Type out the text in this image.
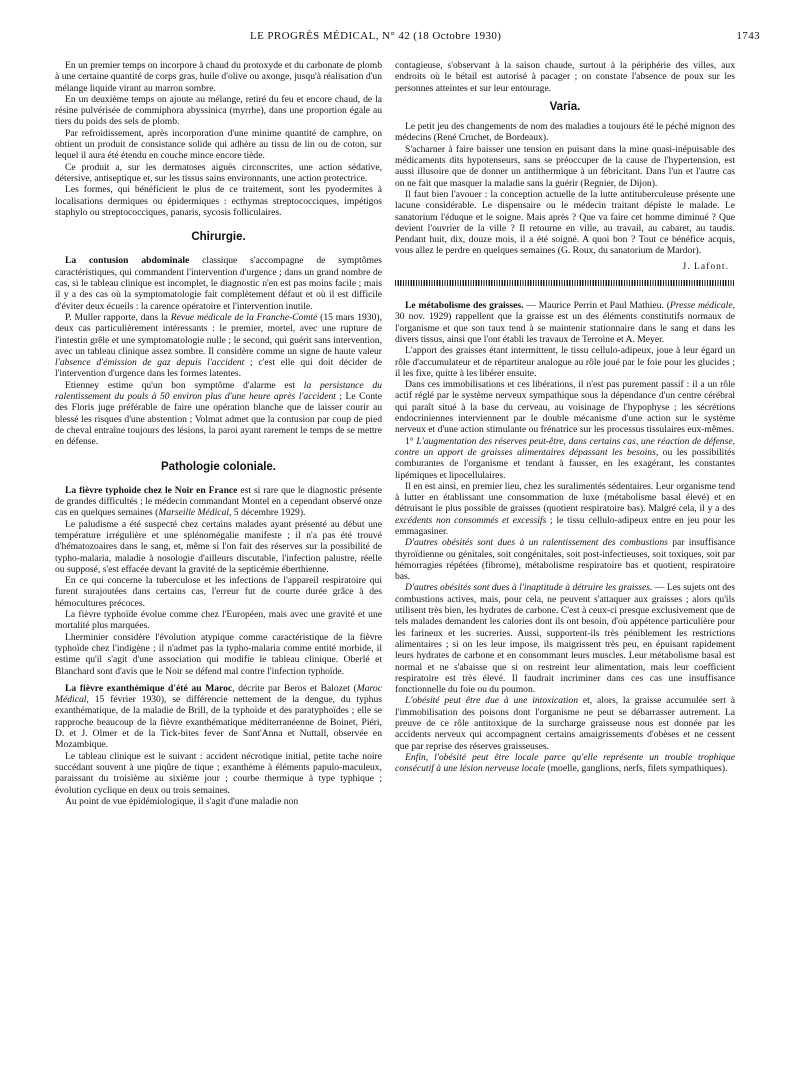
LE PROGRÈS MÉDICAL, N° 42 (18 Octobre 1930)	1743

En un premier temps on incorpore à chaud du protoxyde et du carbonate de plomb à une certaine quantité de corps gras, huile d'olive ou axonge, jusqu'à réalisation d'un mélange liquide virant au marron sombre.

En un deuxième temps on ajoute au mélange, retiré du feu et encore chaud, de la résine pulvérisée de commiphora abyssinica (myrrhe), dans une proportion égale au tiers du poids des sels de plomb.

Par refroidissement, après incorporation d'une minime quantité de camphre, on obtient un produit de consistance solide qui adhère au tissu de lin ou de coton, sur lequel il aura été étendu en couche mince encore tiède.

Ce produit a, sur les dermatoses aiguës circonscrites, une action sédative, détersive, antiseptique et, sur les tissus sains environnants, une action protectrice.

Les formes, qui bénéficient le plus de ce traitement, sont les pyodermites à localisations dermiques ou épidermiques : ecthymas streptococciques, impétigos staphylo ou streptococciques, panaris, sycosis folliculaires.

Chirurgie.

La contusion abdominale classique s'accompagne de symptômes caractéristiques, qui commandent l'intervention d'urgence ; dans un grand nombre de cas, si le tableau clinique est incomplet, le diagnostic n'en est pas moins facile ; mais il y a des cas où la symptomatologie fait complètement défaut et où il est difficile d'éviter deux écueils : la carence opératoire et l'intervention inutile.

P. Muller rapporte, dans la Revue médicale de la Franche-Comté (15 mars 1930), deux cas particulièrement intéressants : le premier, mortel, avec une rupture de l'intestin grêle et une symptomatologie nulle ; le second, qui guérit sans intervention, avec un tableau clinique assez sombre. Il considère comme un signe de haute valeur l'absence d'émission de gaz depuis l'accident ; c'est elle qui doit décider de l'intervention d'urgence dans les formes latentes.

Etienney estime qu'un bon symptôme d'alarme est la persistance du ralentissement du pouls à 50 environ plus d'une heure après l'accident ; Le Conte des Floris juge préférable de faire une opération blanche que de laisser courir au blessé les risques d'une abstention ; Volmat admet que la contusion par coup de pied de cheval entraîne toujours des lésions, la paroi ayant rarement le temps de se mettre en défense.

Pathologie coloniale.

La fièvre typhoïde chez le Noir en France est si rare que le diagnostic présente de grandes difficultés ; le médecin commandant Montel en a cependant observé onze cas en quelques semaines (Marseille Médical, 5 décembre 1929).

Le paludisme a été suspecté chez certains malades ayant présenté au début une température irrégulière et une splénomégalie manifeste ; il n'a pas été trouvé d'hématozoaires dans le sang, et, même si l'on fait des réserves sur la possibilité de typho-malaria, maladie à nosologie d'ailleurs discutable, l'infection palustre, réelle ou supposé, s'est effacée devant la gravité de la septicémie éberthienne.

En ce qui concerne la tuberculose et les infections de l'appareil respiratoire qui furent surajoutées dans certains cas, l'erreur fut de courte durée grâce à des hémocultures précoces.

La fièvre typhoïde évolue comme chez l'Européen, mais avec une gravité et une mortalité plus marquées.

Lherminier considère l'évolution atypique comme caractéristique de la fièvre typhoïde chez l'indigène ; il n'admet pas la typho-malaria comme entité morbide, il estime qu'il s'agit d'une association qui modifie le tableau clinique. Oberlé et Blanchard sont d'avis que le Noir se défend mal contre l'infection typhoïde.

La fièvre exanthémique d'été au Maroc, décrite par Beros et Balozet (Maroc Médical, 15 février 1930), se différencie nettement de la dengue, du typhus exanthématique, de la maladie de Brill, de la typhoïde et des paratyphoïdes ; elle se rapproche beaucoup de la fièvre exanthématique méditerranéenne de Boinet, Piéri, D. et J. Olmer et de la Tick-bites fever de Sant'Anna et Nuttall, observée en Mozambique.

Le tableau clinique est le suivant : accident nécrotique initial, petite tache noire succédant souvent à une piqûre de tique ; exanthème à éléments papulo-maculeux, paraissant du troisième au sixième jour ; courbe thermique à type typhique ; évolution cyclique en deux ou trois semaines.

Au point de vue épidémiologique, il s'agit d'une maladie non

contagieuse, s'observant à la saison chaude, surtout à la périphérie des villes, aux endroits où le bétail est autorisé à pacager ; on constate l'absence de poux sur les personnes atteintes et sur leur entourage.

Varia.

Le petit jeu des changements de nom des maladies a toujours été le péché mignon des médecins (René Cruchet, de Bordeaux).

S'acharner à faire baisser une tension en puisant dans la mine quasi-inépuisable des médicaments dits hypotenseurs, sans se préoccuper de la cause de l'hypertension, est aussi illusoire que de donner un antithermique à un fébricitant. Dans l'un et l'autre cas on ne fait que masquer la maladie sans la guérir (Regnier, de Dijon).

Il faut bien l'avouer : la conception actuelle de la lutte antituberculeuse présente une lacune considérable. Le dispensaire ou le médecin traitant dépiste le malade. Le sanatorium l'éduque et le soigne. Mais après ? Que va faire cet homme diminué ? Que devient l'ouvrier de la ville ? Il retourne en ville, au travail, au cabaret, au taudis. Pendant huit, dix, douze mois, il a été soigné. A quoi bon ? Tout ce bénéfice acquis, vous allez le perdre en quelques semaines (G. Roux, du sanatorium de Mardor).

J. Lafont.

Le métabolisme des graisses. — Maurice Perrin et Paul Mathieu. (Presse médicale, 30 nov. 1929) rappellent que la graisse est un des éléments constitutifs normaux de l'organisme et que son taux tend à se maintenir stationnaire dans le sang et dans les divers tissus, ainsi que l'ont établi les travaux de Terroine et A. Meyer.

L'apport des graisses étant intermittent, le tissu cellulo-adipeux, joue à leur égard un rôle d'accumulateur et de répartiteur analogue au rôle joué par le foie pour les glucides ; il les fixe, quitte à les libérer ensuite.

Dans ces immobilisations et ces libérations, il n'est pas purement passif : il a un rôle actif réglé par le système nerveux sympathique sous la dépendance d'un centre cérébral qui paraît situé à la base du cerveau, au voisinage de l'hypophyse ; les sécrétions endocriniennes interviennent par le double mécanisme d'une action sur le système nerveux et d'une action stimulante ou frénatrice sur les processus tissulaires eux-mêmes.

1° L'augmentation des réserves peut-être, dans certains cas, une réaction de défense, contre un apport de graisses alimentaires dépassant les besoins, ou les possibilités comburantes de l'organisme et tendant à fausser, en les exagérant, les constantes lipémiques et lipocellulaires.

Il en est ainsi, en premier lieu, chez les suralimentés sédentaires. Leur organisme tend à lutter en établissant une consommation de luxe (métabolisme basal élevé) et en détruisant le plus possible de graisses (quotient respiratoire bas). Malgré cela, il y a des excédents non consommés et excessifs ; le tissu cellulo-adipeux entre en jeu pour les emmagasiner.

D'autres obésités sont dues à un ralentissement des combustions par insuffisance thyroïdienne ou génitales, soit congénitales, soit post-infectieuses, soit toxiques, soit par hémorragies répétées (fibrome), métabolisme respiratoire bas et quotient, respiratoire bas.

D'autres obésités sont dues à l'inaptitude à détruire les graisses. — Les sujets ont des combustions actives, mais, pour cela, ne peuvent s'attaquer aux graisses ; alors qu'ils utilisent très bien, les hydrates de carbone. C'est à ceux-ci presque exclusivement que de tels malades demandent les calories dont ils ont besoin, d'où appétence particulière pour les farineux et les sucreries. Aussi, supportent-ils très péniblement les restrictions alimentaires ; si on les leur impose, ils maigrissent très peu, en épuisant rapidement leurs hydrates de carbone et en consommant leurs muscles. Leur métabolisme basal est normal et ne s'abaisse que si on restreint leur alimentation, mais leur coefficient respiratoire est très élevé. Il faudrait incriminer dans ces cas une insuffisance fonctionnelle du foie ou du poumon.

L'obésité peut être due à une intoxication et, alors, la graisse accumulée sert à l'immobilisation des poisons dont l'organisme ne peut se débarrasser autrement. La preuve de ce rôle antitoxique de la surcharge graisseuse nous est donnée par les accidents nerveux qui accompagnent certains amaigrissements d'obèses et ne cessent que par reprise des réserves graisseuses.

Enfin, l'obésité peut être locale parce qu'elle représente un trouble trophique consécutif à une lésion nerveuse locale (moelle, ganglions, nerfs, filets sympathiques).
